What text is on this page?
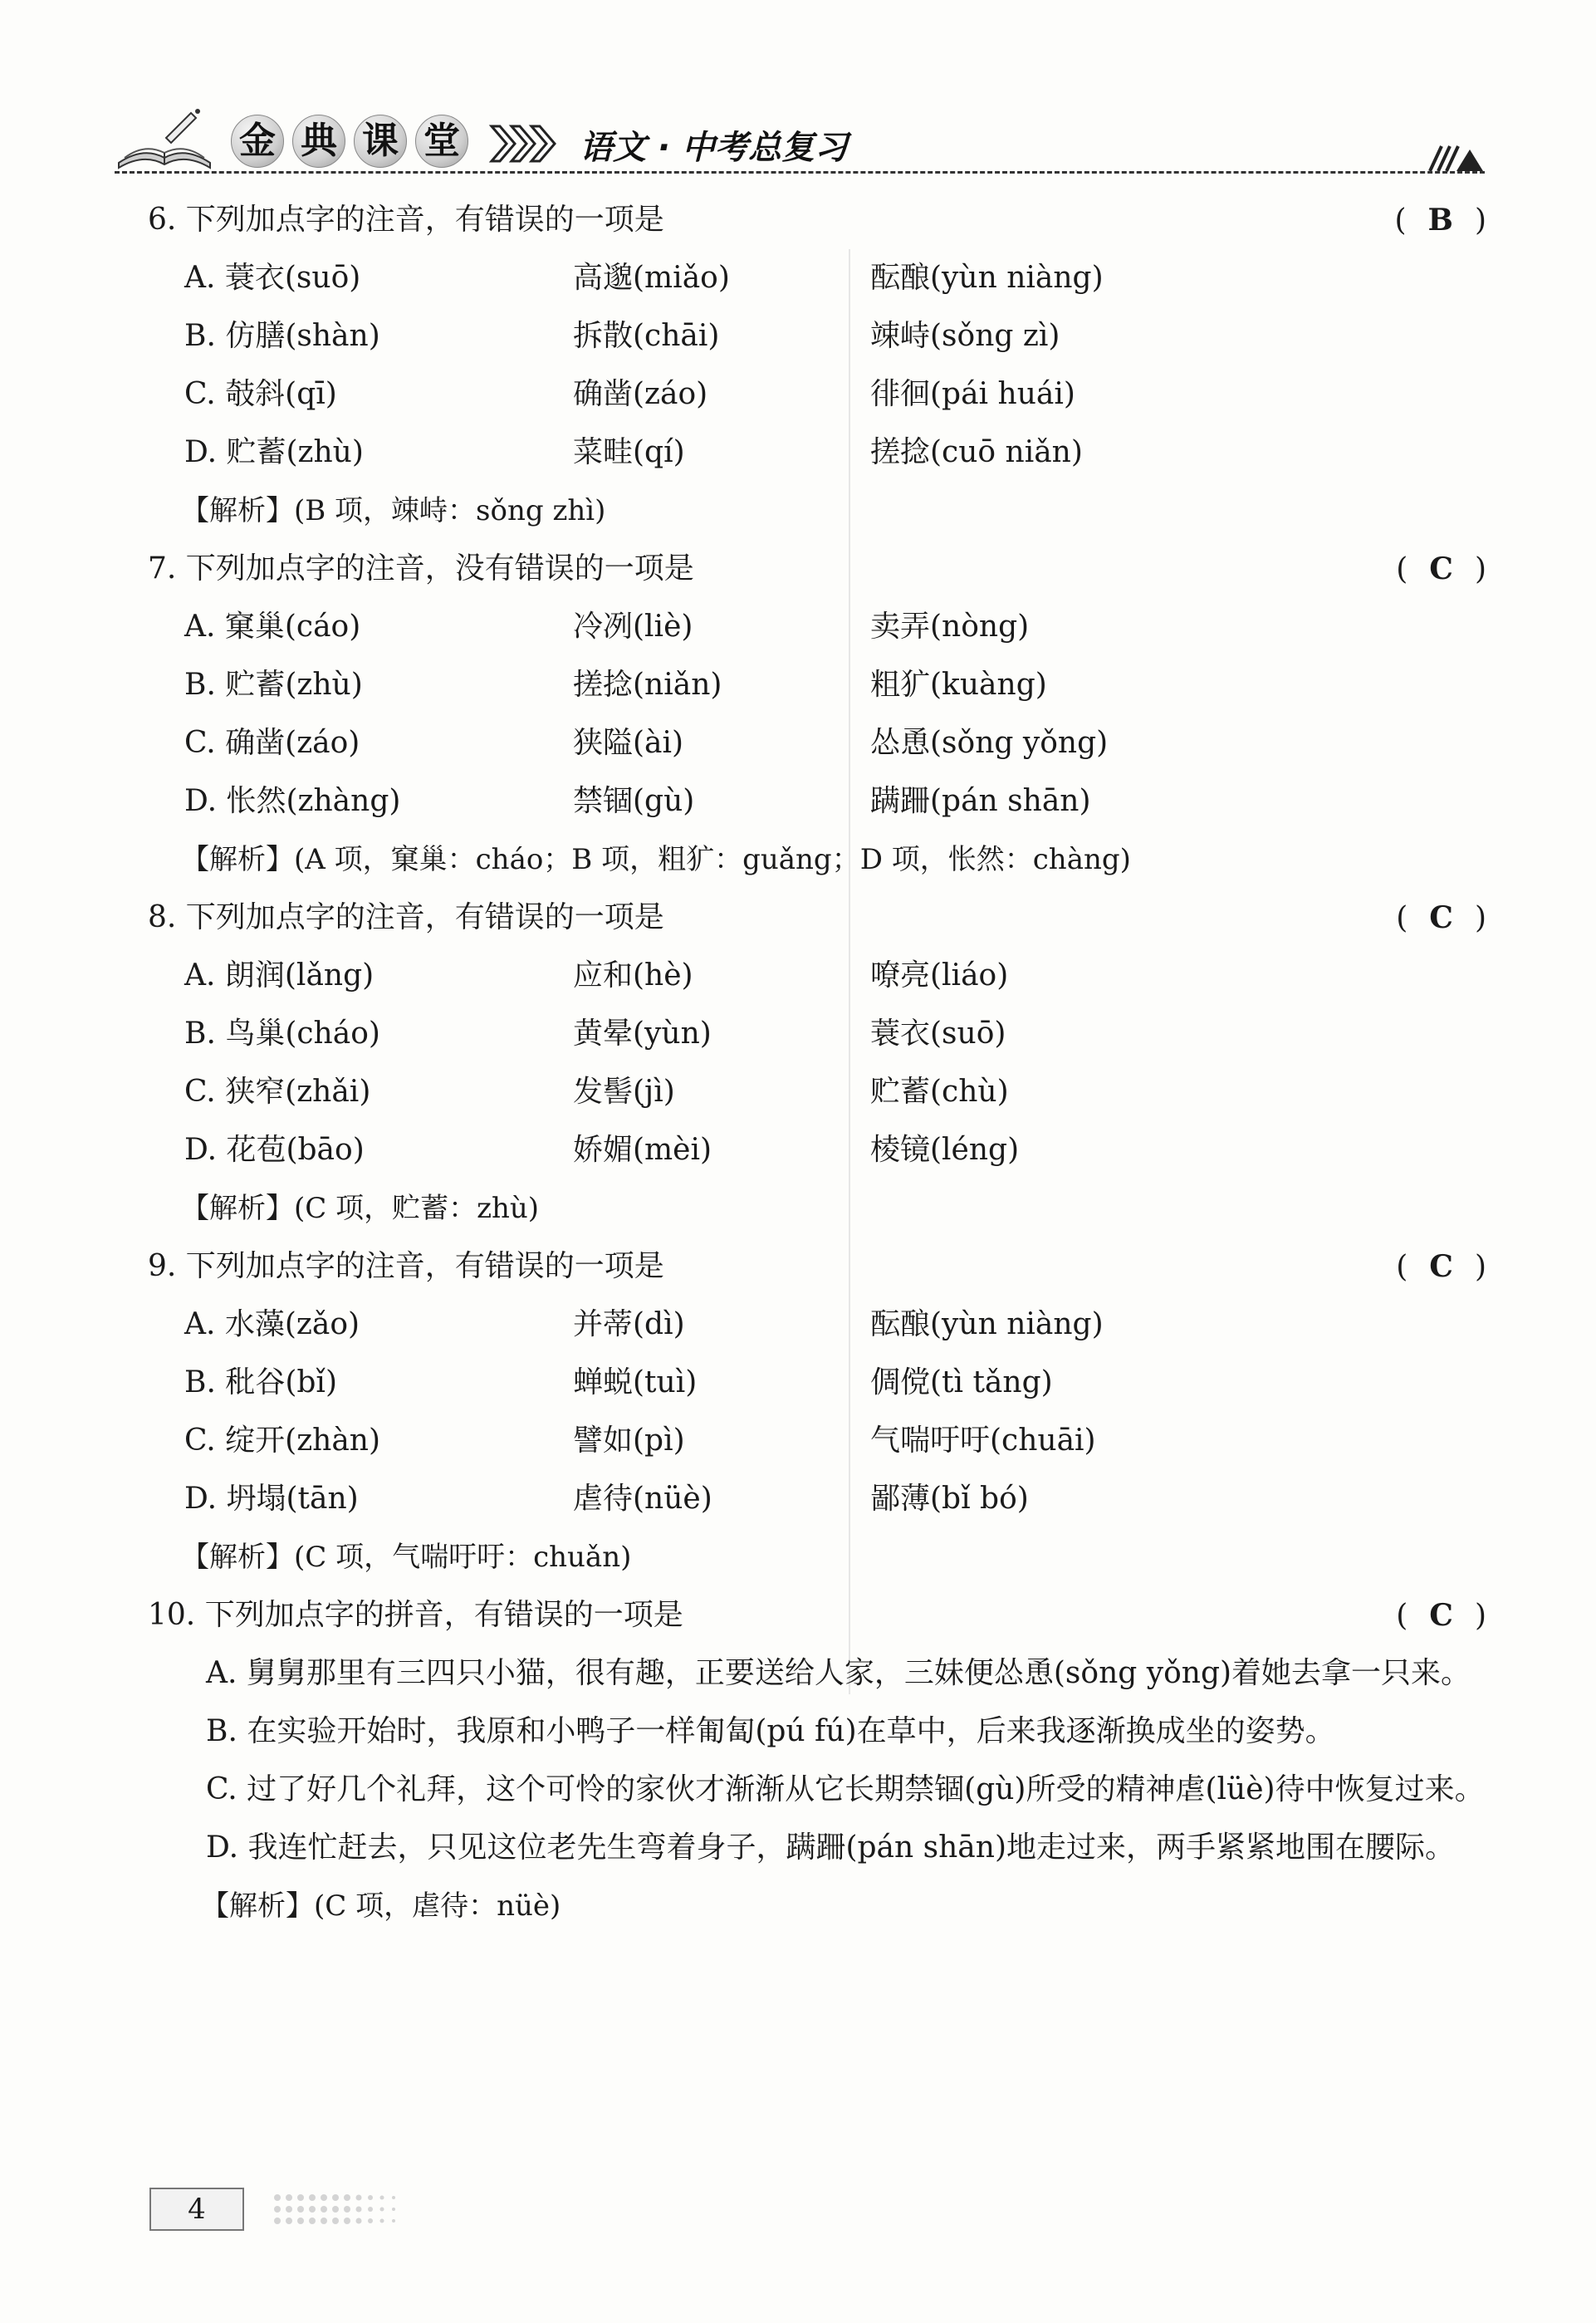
金 典 课 堂	语文 · 中考总复习
6. 下列加点字的注音，有错误的一项是	( B )
A. 蓑衣(suō)	高邈(miǎo)	酝酿(yùn niàng)
B. 仿膳(shàn)	拆散(chāi)	竦峙(sǒng zì)
C. 攲斜(qī)	确凿(záo)	徘徊(pái huái)
D. 贮蓄(zhù)	菜畦(qí)	搓捻(cuō niǎn)
【解析】(B 项，竦峙：sǒng zhì)
7. 下列加点字的注音，没有错误的一项是	( C )
A. 窠巢(cáo)	冷冽(liè)	卖弄(nòng)
B. 贮蓄(zhù)	搓捻(niǎn)	粗犷(kuàng)
C. 确凿(záo)	狭隘(ài)	怂恿(sǒng yǒng)
D. 怅然(zhàng)	禁锢(gù)	蹒跚(pán shān)
【解析】(A 项，窠巢：cháo；B 项，粗犷：guǎng；D 项，怅然：chàng)
8. 下列加点字的注音，有错误的一项是	( C )
A. 朗润(lǎng)	应和(hè)	嘹亮(liáo)
B. 鸟巢(cháo)	黄晕(yùn)	蓑衣(suō)
C. 狭窄(zhǎi)	发髻(jì)	贮蓄(chù)
D. 花苞(bāo)	娇媚(mèi)	棱镜(léng)
【解析】(C 项，贮蓄：zhù)
9. 下列加点字的注音，有错误的一项是	( C )
A. 水藻(zǎo)	并蒂(dì)	酝酿(yùn niàng)
B. 秕谷(bǐ)	蝉蜕(tuì)	倜傥(tì tǎng)
C. 绽开(zhàn)	譬如(pì)	气喘吁吁(chuāi)
D. 坍塌(tān)	虐待(nüè)	鄙薄(bǐ bó)
【解析】(C 项，气喘吁吁：chuǎn)
10. 下列加点字的拼音，有错误的一项是	( C )
A. 舅舅那里有三四只小猫，很有趣，正要送给人家，三妹便怂恿(sǒng yǒng)着她去拿一只来。
B. 在实验开始时，我原和小鸭子一样匍匐(pú fú)在草中，后来我逐渐换成坐的姿势。
C. 过了好几个礼拜，这个可怜的家伙才渐渐从它长期禁锢(gù)所受的精神虐(lüè)待中恢复过来。
D. 我连忙赶去，只见这位老先生弯着身子，蹒跚(pán shān)地走过来，两手紧紧地围在腰际。
【解析】(C 项，虐待：nüè)
4
